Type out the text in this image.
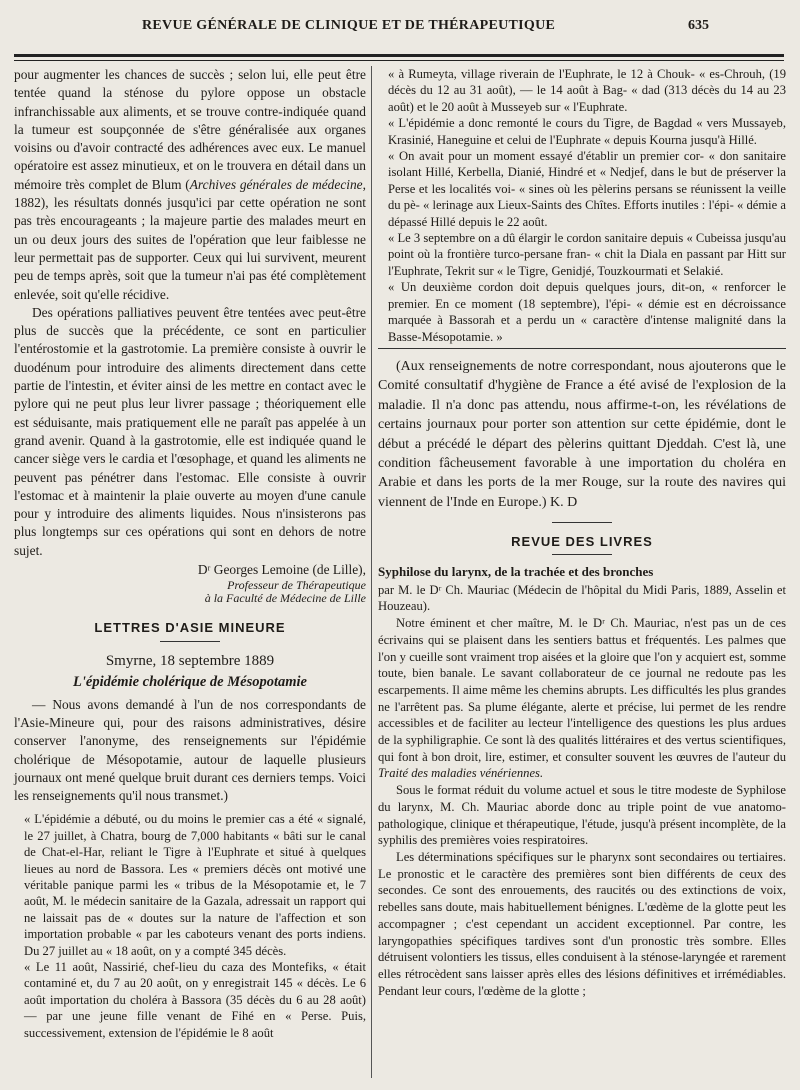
REVUE GÉNÉRALE DE CLINIQUE ET DE THÉRAPEUTIQUE	635

pour augmenter les chances de succès ; selon lui, elle peut être tentée quand la sténose du pylore oppose un obstacle infranchissable aux aliments, et se trouve contre-indiquée quand la tumeur est soupçonnée de s'être généralisée aux organes voisins ou d'avoir contracté des adhérences avec eux. Le manuel opératoire est assez minutieux, et on le trouvera en détail dans un mémoire très complet de Blum (Archives générales de médecine, 1882), les résultats donnés jusqu'ici par cette opération ne sont pas très encourageants ; la majeure partie des malades meurt en un ou deux jours des suites de l'opération que leur faiblesse ne leur permettait pas de supporter. Ceux qui lui survivent, meurent peu de temps après, soit que la tumeur n'ai pas été complètement enlevée, soit qu'elle récidive.

Des opérations palliatives peuvent être tentées avec peut-être plus de succès que la précédente, ce sont en particulier l'entérostomie et la gastrotomie. La première consiste à ouvrir le duodénum pour introduire des aliments directement dans cette partie de l'intestin, et éviter ainsi de les mettre en contact avec le pylore qui ne peut plus leur livrer passage ; théoriquement elle est séduisante, mais pratiquement elle ne paraît pas appelée à un grand avenir. Quand à la gastrotomie, elle est indiquée quand le cancer siège vers le cardia et l'œsophage, et quand les aliments ne peuvent pas pénétrer dans l'estomac. Elle consiste à ouvrir l'estomac et à maintenir la plaie ouverte au moyen d'une canule pour y introduire des aliments liquides. Nous n'insisterons pas plus longtemps sur ces opérations qui sont en dehors de notre sujet.

Dʳ Georges Lemoine (de Lille),
Professeur de Thérapeutique
à la Faculté de Médecine de Lille
LETTRES D'ASIE MINEURE
Smyrne, 18 septembre 1889
L'épidémie cholérique de Mésopotamie

— Nous avons demandé à l'un de nos correspondants de l'Asie-Mineure qui, pour des raisons administratives, désire conserver l'anonyme, des renseignements sur l'épidémie cholérique de Mésopotamie, autour de laquelle plusieurs journaux ont mené quelque bruit durant ces derniers temps. Voici les renseignements qu'il nous transmet.)

« L'épidémie a débuté, ou du moins le premier cas a été « signalé, le 27 juillet, à Chatra, bourg de 7,000 habitants « bâti sur le canal de Chat-el-Har, reliant le Tigre à l'Euphrate et situé à quelques lieues au nord de Bassora. Les « premiers décès ont motivé une véritable panique parmi les « tribus de la Mésopotamie et, le 7 août, M. le médecin sanitaire de la Gazala, adressait un rapport qui ne laissait pas de « doutes sur la nature de l'affection et son importation probable « par les caboteurs venant des ports indiens. Du 27 juillet au « 18 août, on y a compté 345 décès.

« Le 11 août, Nassirié, chef-lieu du caza des Montefiks, « était contaminé et, du 7 au 20 août, on y enregistrait 145 « décès. Le 6 août importation du choléra à Bassora (35 décès du 6 au 28 août) — par une jeune fille venant de Fihé en « Perse. Puis, successivement, extension de l'épidémie le 8 août

« à Rumeyta, village riverain de l'Euphrate, le 12 à Chouk- « es-Chrouh, (19 décès du 12 au 31 août), — le 14 août à Bag- « dad (313 décès du 14 au 23 août) et le 20 août à Musseyeb sur « l'Euphrate.

« L'épidémie a donc remonté le cours du Tigre, de Bagdad « vers Mussayeb, Krasinié, Haneguine et celui de l'Euphrate « depuis Kourna jusqu'à Hillé.

« On avait pour un moment essayé d'établir un premier cor- « don sanitaire isolant Hillé, Kerbella, Dianié, Hindré et « Nedjef, dans le but de préserver la Perse et les localités voi- « sines où les pèlerins persans se réunissent la veille du pè- « lerinage aux Lieux-Saints des Chîtes. Efforts inutiles : l'épi- « démie a dépassé Hillé depuis le 22 août.

« Le 3 septembre on a dû élargir le cordon sanitaire depuis « Cubeissa jusqu'au point où la frontière turco-persane fran- « chit la Diala en passant par Hitt sur l'Euphrate, Tekrit sur « le Tigre, Genidjé, Touzkourmati et Selakié.

« Un deuxième cordon doit depuis quelques jours, dit-on, « renforcer le premier. En ce moment (18 septembre), l'épi- « démie est en décroissance marquée à Bassorah et a perdu un « caractère d'intense malignité dans la Basse-Mésopotamie. »

(Aux renseignements de notre correspondant, nous ajouterons que le Comité consultatif d'hygiène de France a été avisé de l'explosion de la maladie. Il n'a donc pas attendu, nous affirme-t-on, les révélations de certains journaux pour porter son attention sur cette épidémie, dont le début a précédé le départ des pèlerins quittant Djeddah. C'est là, une condition fâcheusement favorable à une importation du choléra en Arabie et dans les ports de la mer Rouge, sur la route des navires qui viennent de l'Inde en Europe.) K. D

REVUE DES LIVRES
Syphilose du larynx, de la trachée et des bronches
par M. le Dʳ Ch. Mauriac (Médecin de l'hôpital du Midi Paris, 1889, Asselin et Houzeau).

Notre éminent et cher maître, M. le Dʳ Ch. Mauriac, n'est pas un de ces écrivains qui se plaisent dans les sentiers battus et fréquentés. Les palmes que l'on y cueille sont vraiment trop aisées et la gloire que l'on y acquiert est, somme toute, bien banale. Le savant collaborateur de ce journal ne redoute pas les escarpements. Il aime même les chemins abrupts. Les difficultés les plus grandes ne l'arrêtent pas. Sa plume élégante, alerte et précise, lui permet de les rendre accessibles et de faciliter au lecteur l'intelligence des questions les plus ardues de la syphiligraphie. Ce sont là des qualités littéraires et des vertus scientifiques, qui font à bon droit, lire, estimer, et consulter souvent les œuvres de l'auteur du Traité des maladies vénériennes.

Sous le format réduit du volume actuel et sous le titre modeste de Syphilose du larynx, M. Ch. Mauriac aborde donc au triple point de vue anatomo-pathologique, clinique et thérapeutique, l'étude, jusqu'à présent incomplète, de la syphilis des premières voies respiratoires.

Les déterminations spécifiques sur le pharynx sont secondaires ou tertiaires. Le pronostic et le caractère des premières sont bien différents de ceux des secondes. Ce sont des enrouements, des raucités ou des extinctions de voix, rebelles sans doute, mais habituellement bénignes. L'œdème de la glotte peut les accompagner ; c'est cependant un accident exceptionnel. Par contre, les laryngopathies spécifiques tardives sont d'un pronostic très sombre. Elles détruisent volontiers les tissus, elles conduisent à la sténose-laryngée et rarement elles rétrocèdent sans laisser après elles des lésions définitives et irrémédiables. Pendant leur cours, l'œdème de la glotte ;
